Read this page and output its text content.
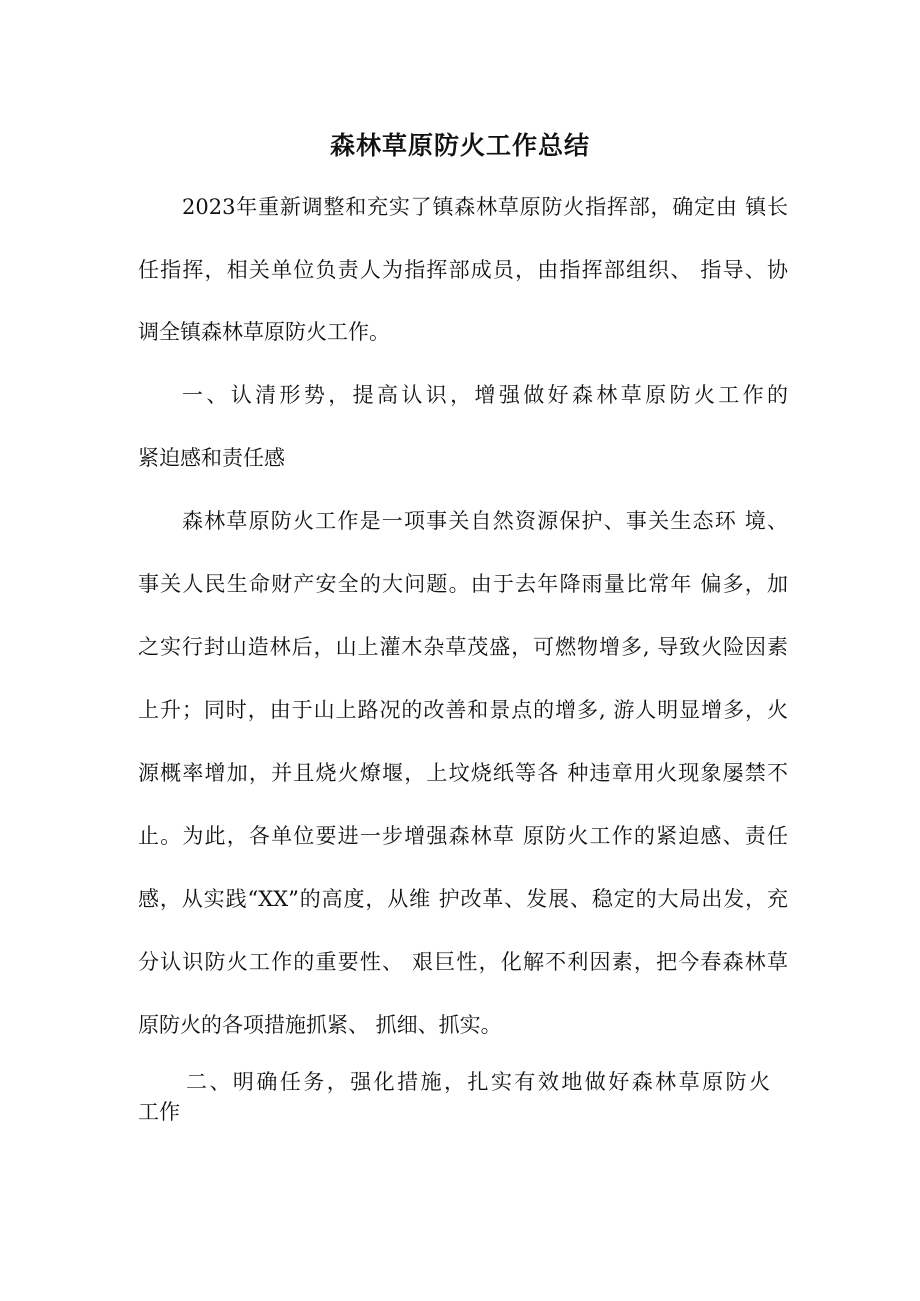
森林草原防火工作总结
2023年重新调整和充实了镇森林草原防火指挥部，确定由 镇长
任指挥，相关单位负责人为指挥部成员，由指挥部组织、 指导、协
调全镇森林草原防火工作。
一、认清形势，提高认识，增强做好森林草原防火工作的
紧迫感和责任感
森林草原防火工作是一项事关自然资源保护、事关生态环 境、
事关人民生命财产安全的大问题。由于去年降雨量比常年 偏多，加
之实行封山造林后，山上灌木杂草茂盛，可燃物增多, 导致火险因素
上升；同时，由于山上路况的改善和景点的增多, 游人明显增多，火
源概率增加，并且烧火燎堰，上坟烧纸等各 种违章用火现象屡禁不
止。为此，各单位要进一步增强森林草 原防火工作的紧迫感、责任
感，从实践“XX”的高度，从维 护改革、发展、稳定的大局出发，充
分认识防火工作的重要性、 艰巨性，化解不利因素，把今春森林草
原防火的各项措施抓紧、 抓细、抓实。
二、明确任务，强化措施，扎实有效地做好森林草原防火
工作
